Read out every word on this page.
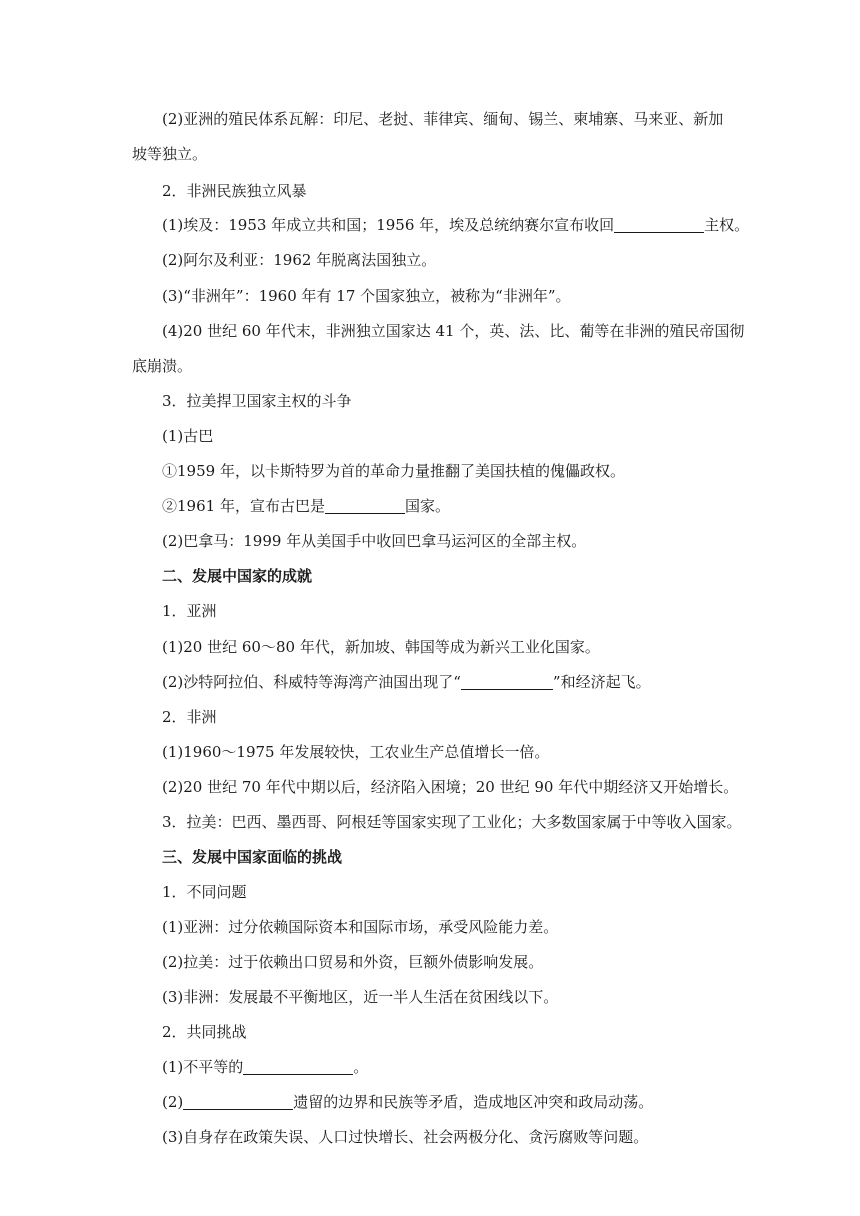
(2)亚洲的殖民体系瓦解：印尼、老挝、菲律宾、缅甸、锡兰、柬埔寨、马来亚、新加
坡等独立。
2．非洲民族独立风暴
(1)埃及：1953 年成立共和国；1956 年，埃及总统纳赛尔宣布收回	主权。
(2)阿尔及利亚：1962 年脱离法国独立。
(3)“非洲年”：1960 年有 17 个国家独立，被称为“非洲年”。
(4)20 世纪 60 年代末，非洲独立国家达 41 个，英、法、比、葡等在非洲的殖民帝国彻
底崩溃。
3．拉美捍卫国家主权的斗争
(1)古巴
①1959 年，以卡斯特罗为首的革命力量推翻了美国扶植的傀儡政权。
②1961 年，宣布古巴是	国家。
(2)巴拿马：1999 年从美国手中收回巴拿马运河区的全部主权。
二、发展中国家的成就
1．亚洲
(1)20 世纪 60～80 年代，新加坡、韩国等成为新兴工业化国家。
(2)沙特阿拉伯、科威特等海湾产油国出现了“	”和经济起飞。
2．非洲
(1)1960～1975 年发展较快，工农业生产总值增长一倍。
(2)20 世纪 70 年代中期以后，经济陷入困境；20 世纪 90 年代中期经济又开始增长。
3．拉美：巴西、墨西哥、阿根廷等国家实现了工业化；大多数国家属于中等收入国家。
三、发展中国家面临的挑战
1．不同问题
(1)亚洲：过分依赖国际资本和国际市场，承受风险能力差。
(2)拉美：过于依赖出口贸易和外资，巨额外债影响发展。
(3)非洲：发展最不平衡地区，近一半人生活在贫困线以下。
2．共同挑战
(1)不平等的	。
(2)	遗留的边界和民族等矛盾，造成地区冲突和政局动荡。
(3)自身存在政策失误、人口过快增长、社会两极分化、贪污腐败等问题。
